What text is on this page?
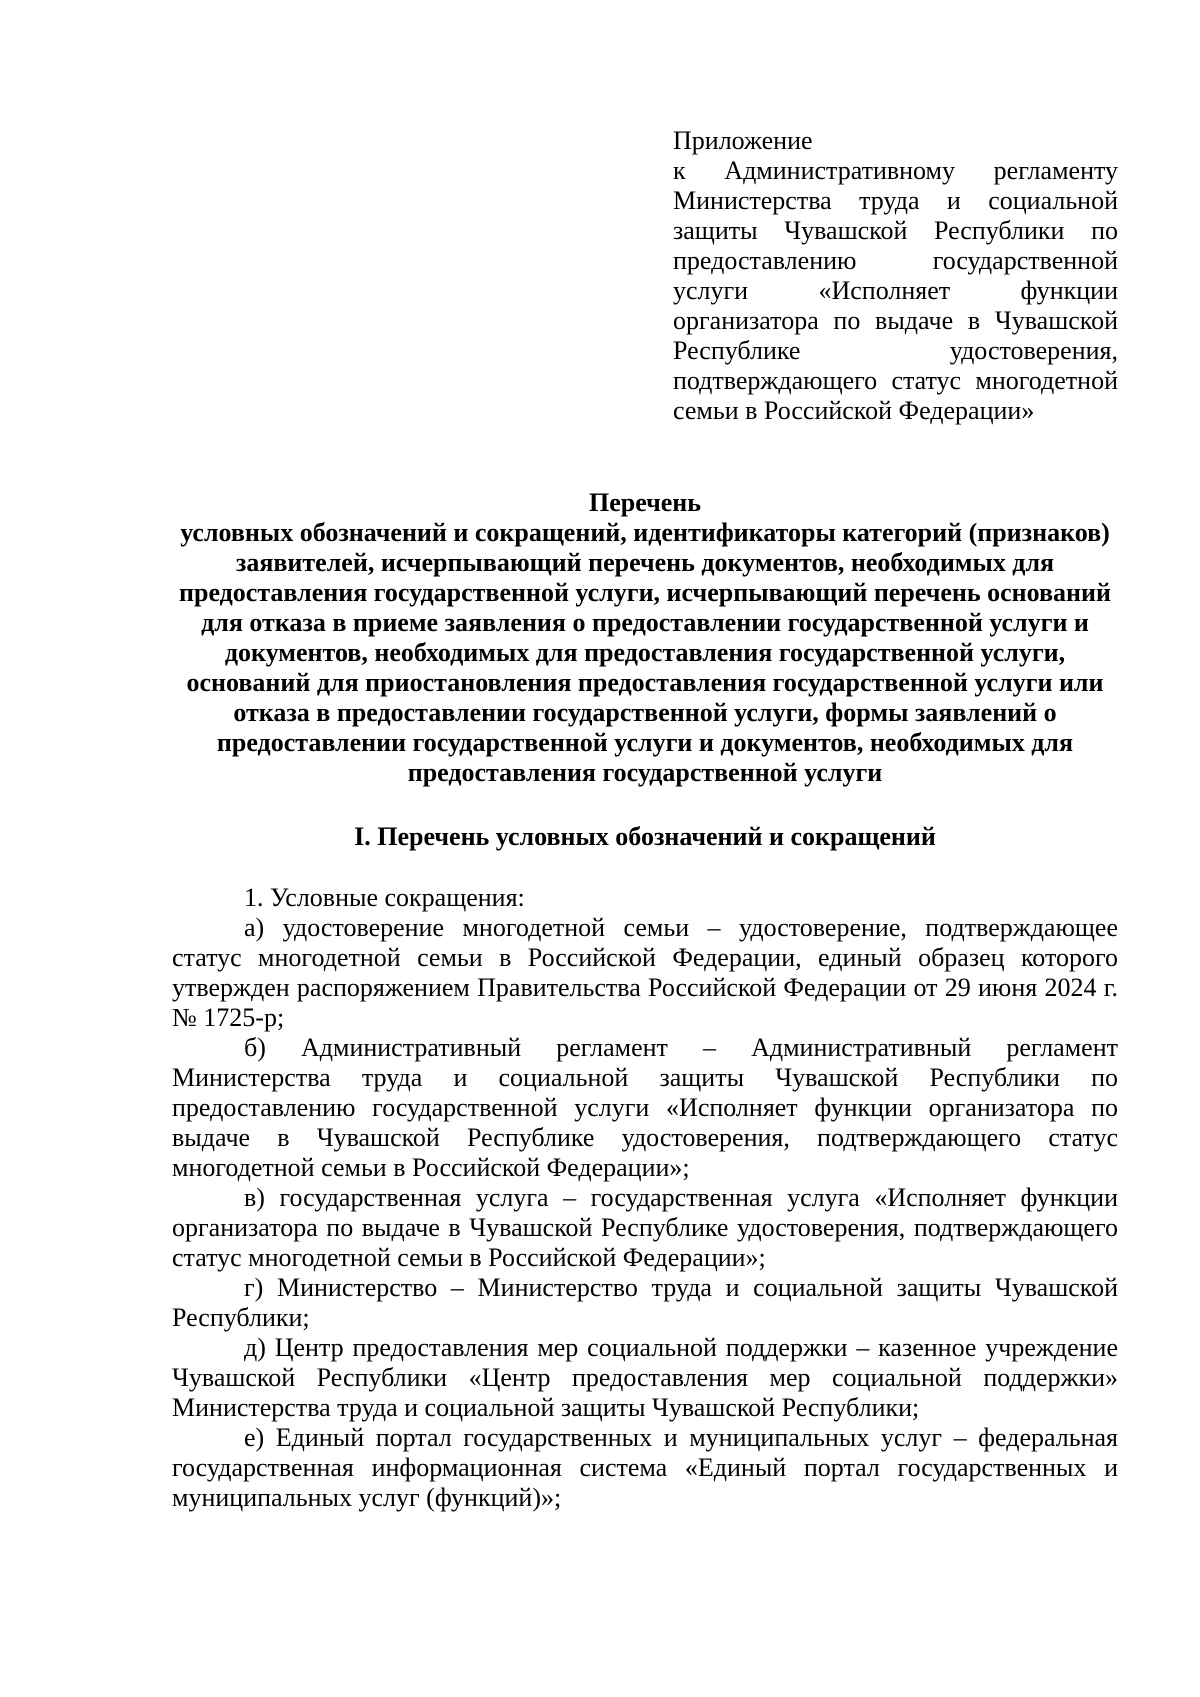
Приложение

к Административному регламенту Министерства труда и социальной защиты Чувашской Республики по предоставлению государственной услуги «Исполняет функции организатора по выдаче в Чувашской Республике удостоверения, подтверждающего статус многодетной семьи в Российской Федерации»

Перечень

условных обозначений и сокращений, идентификаторы категорий (признаков) заявителей, исчерпывающий перечень документов, необходимых для предоставления государственной услуги, исчерпывающий перечень оснований для отказа в приеме заявления о предоставлении государственной услуги и документов, необходимых для предоставления государственной услуги, оснований для приостановления предоставления государственной услуги или отказа в предоставлении государственной услуги, формы заявлений о предоставлении государственной услуги и документов, необходимых для предоставления государственной услуги

I. Перечень условных обозначений и сокращений

1. Условные сокращения:

а) удостоверение многодетной семьи – удостоверение, подтверждающее статус многодетной семьи в Российской Федерации, единый образец которого утвержден распоряжением Правительства Российской Федерации от 29 июня 2024 г. № 1725-р;

б) Административный регламент – Административный регламент Министерства труда и социальной защиты Чувашской Республики по предоставлению государственной услуги «Исполняет функции организатора по выдаче в Чувашской Республике удостоверения, подтверждающего статус многодетной семьи в Российской Федерации»;

в) государственная услуга – государственная услуга «Исполняет функции организатора по выдаче в Чувашской Республике удостоверения, подтверждающего статус многодетной семьи в Российской Федерации»;

г) Министерство – Министерство труда и социальной защиты Чувашской Республики;

д) Центр предоставления мер социальной поддержки – казенное учреждение Чувашской Республики «Центр предоставления мер социальной поддержки» Министерства труда и социальной защиты Чувашской Республики;

е) Единый портал государственных и муниципальных услуг – федеральная государственная информационная система «Единый портал государственных и муниципальных услуг (функций)»;
